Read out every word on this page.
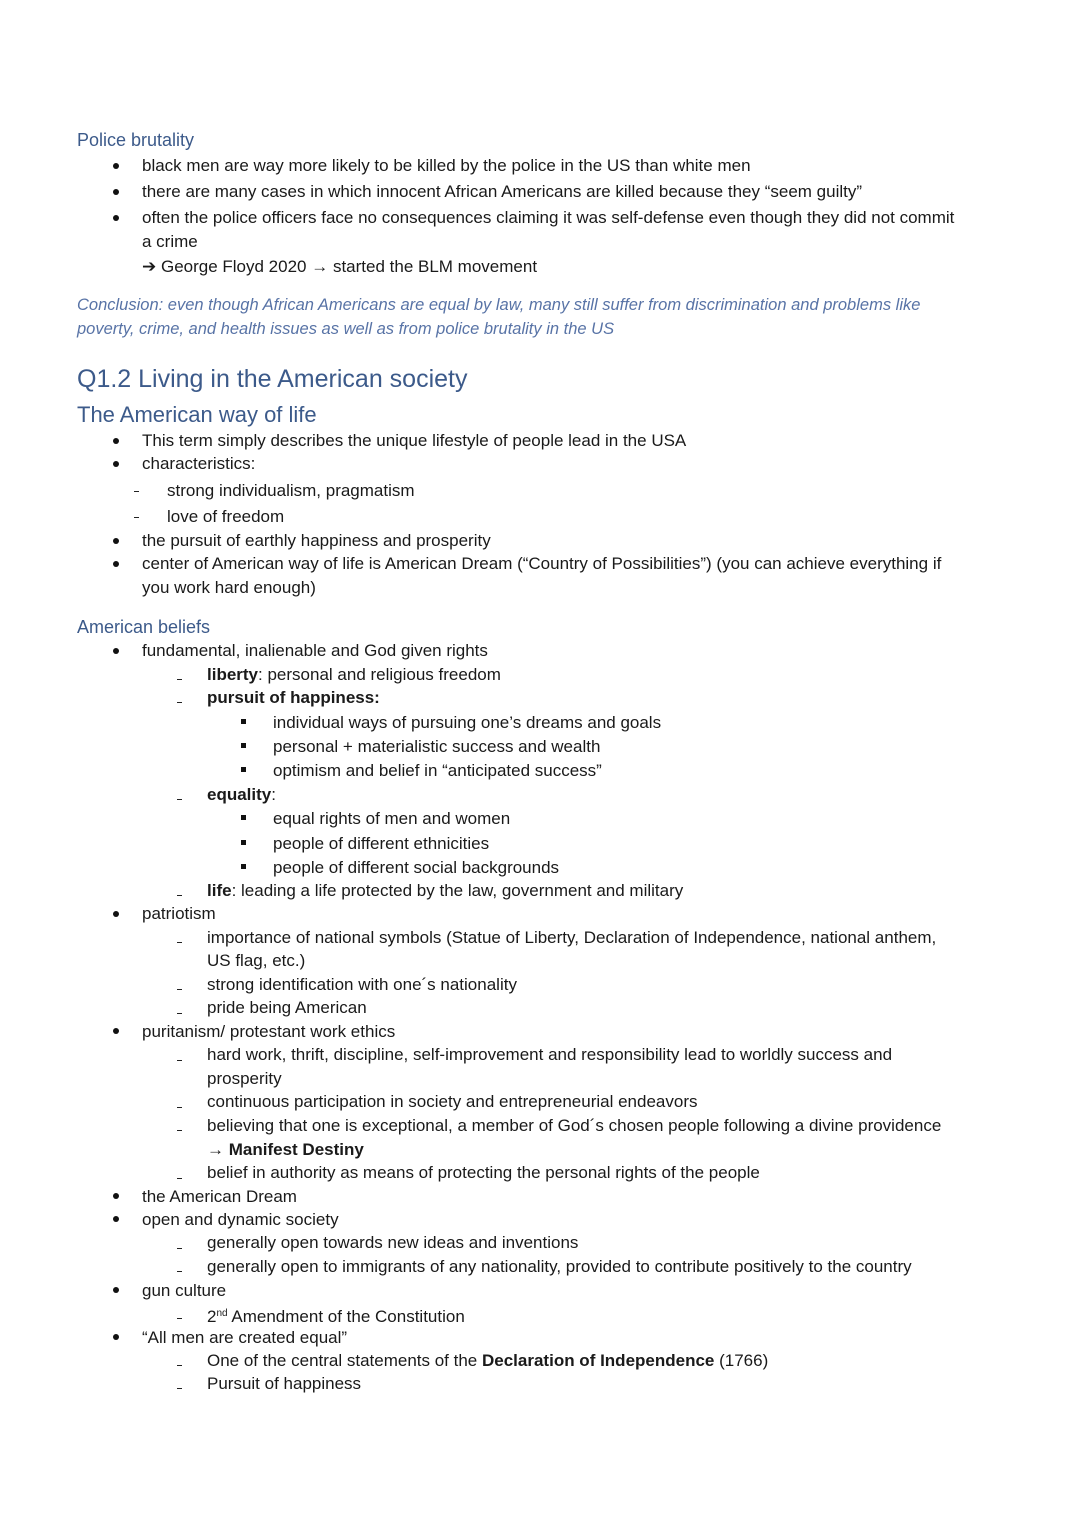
Police brutality
black men are way more likely to be killed by the police in the US than white men
there are many cases in which innocent African Americans are killed because they “seem guilty”
often the police officers face no consequences claiming it was self-defense even though they did not commit
a crime
➔ George Floyd 2020 → started the BLM movement
Conclusion: even though African Americans are equal by law, many still suffer from discrimination and problems like
poverty, crime, and health issues as well as from police brutality in the US
Q1.2 Living in the American society
The American way of life
This term simply describes the unique lifestyle of people lead in the USA
characteristics:
strong individualism, pragmatism
love of freedom
the pursuit of earthly happiness and prosperity
center of American way of life is American Dream (“Country of Possibilities”) (you can achieve everything if
you work hard enough)
American beliefs
fundamental, inalienable and God given rights
liberty: personal and religious freedom
pursuit of happiness:
individual ways of pursuing one’s dreams and goals
personal + materialistic success and wealth
optimism and belief in “anticipated success”
equality:
equal rights of men and women
people of different ethnicities
people of different social backgrounds
life: leading a life protected by the law, government and military
patriotism
importance of national symbols (Statue of Liberty, Declaration of Independence, national anthem,
US flag, etc.)
strong identification with one´s nationality
pride being American
puritanism/ protestant work ethics
hard work, thrift, discipline, self-improvement and responsibility lead to worldly success and
prosperity
continuous participation in society and entrepreneurial endeavors
believing that one is exceptional, a member of God´s chosen people following a divine providence
→ Manifest Destiny
belief in authority as means of protecting the personal rights of the people
the American Dream
open and dynamic society
generally open towards new ideas and inventions
generally open to immigrants of any nationality, provided to contribute positively to the country
gun culture
2nd Amendment of the Constitution
“All men are created equal”
One of the central statements of the Declaration of Independence (1766)
Pursuit of happiness
